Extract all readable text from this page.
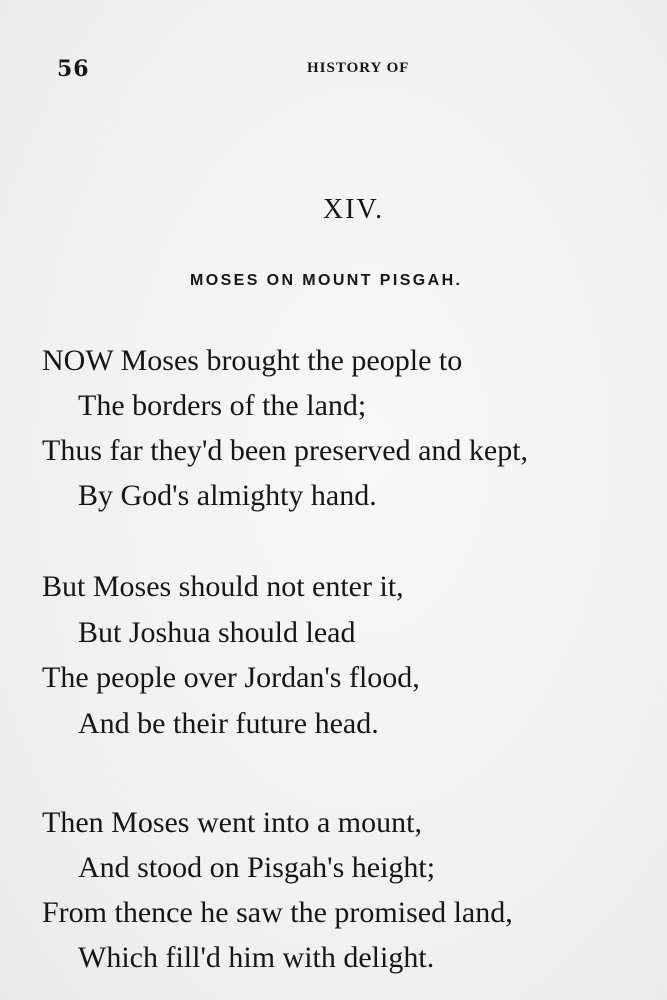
56	HISTORY OF
XIV.
MOSES ON MOUNT PISGAH.
NOW Moses brought the people to
The borders of the land;
Thus far they'd been preserved and kept,
By God's almighty hand.
But Moses should not enter it,
But Joshua should lead
The people over Jordan's flood,
And be their future head.
Then Moses went into a mount,
And stood on Pisgah's height;
From thence he saw the promised land,
Which fill'd him with delight.
